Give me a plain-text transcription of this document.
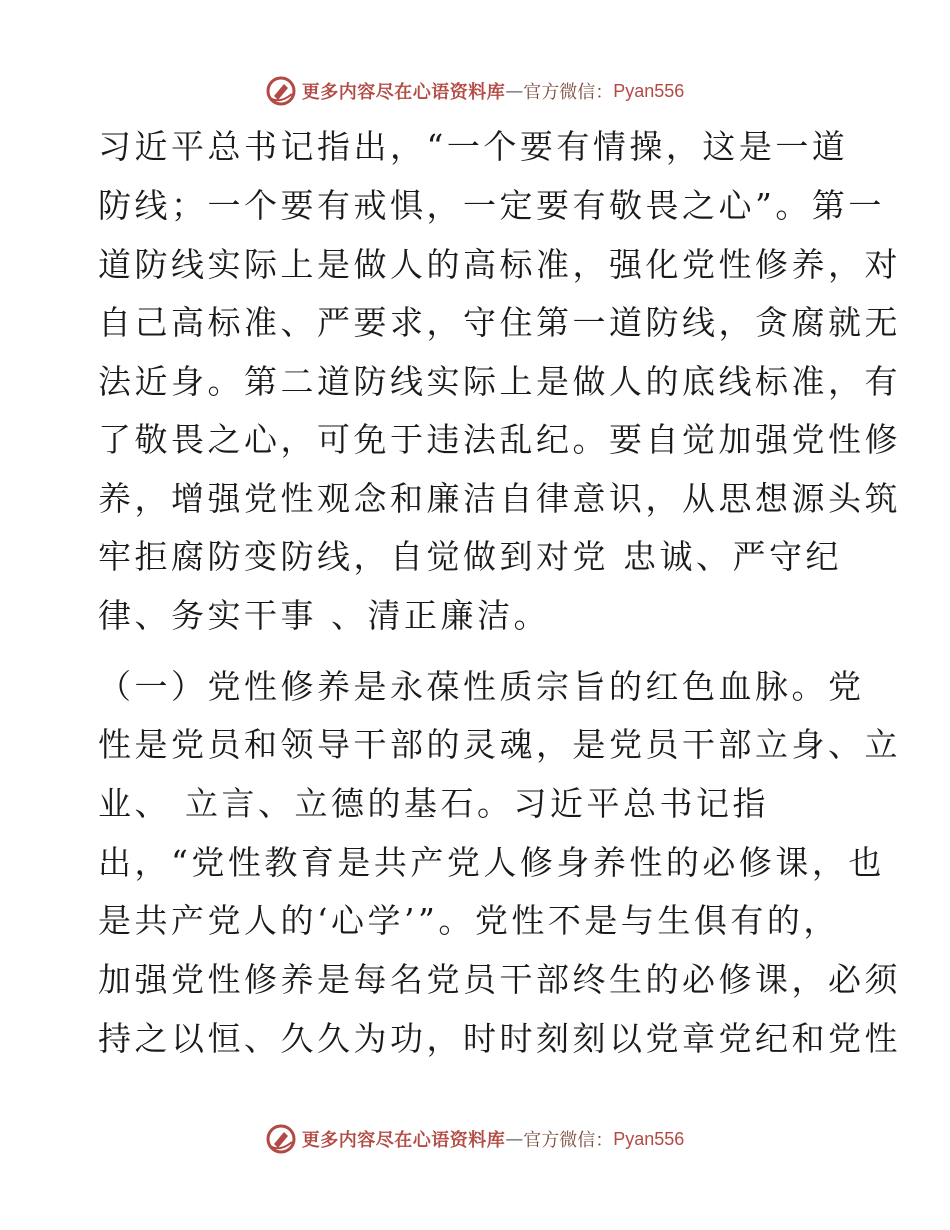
更多内容尽在心语资料库 — 官方微信： Pyan556
习近平总书记指出，“一个要有情操，这是一道
防线；一个要有戒惧，一定要有敬畏之心”。第一
道防线实际上是做人的高标准，强化党性修养，对
自己高标准、严要求，守住第一道防线，贪腐就无
法近身。第二道防线实际上是做人的底线标准，有
了敬畏之心，可免于违法乱纪。要自觉加强党性修
养，增强党性观念和廉洁自律意识，从思想源头筑
牢拒腐防变防线，自觉做到对党 忠诚、严守纪
律、务实干事 、清正廉洁。
（一）党性修养是永葆性质宗旨的红色血脉。党
性是党员和领导干部的灵魂，是党员干部立身、立
业、 立言、立德的基石。习近平总书记指
出，“党性教育是共产党人修身养性的必修课，也
是共产党人的‘心学’”。党性不是与生俱有的，
加强党性修养是每名党员干部终生的必修课，必须
持之以恒、久久为功，时时刻刻以党章党纪和党性
更多内容尽在心语资料库 — 官方微信： Pyan556
